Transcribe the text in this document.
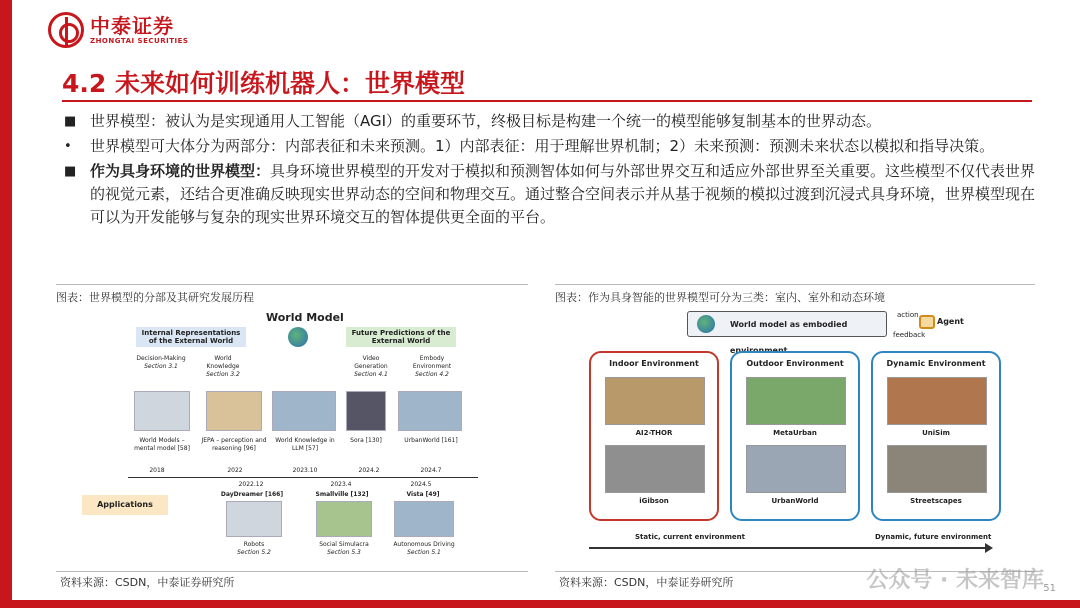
中泰证券
ZHONGTAI SECURITIES
4.2 未来如何训练机器人：世界模型
■ 世界模型：被认为是实现通用人工智能（AGI）的重要环节，终极目标是构建一个统一的模型能够复制基本的世界动态。
•	世界模型可大体分为两部分：内部表征和未来预测。1）内部表征：用于理解世界机制；2）未来预测：预测未来状态以模拟和指导决策。
■ 作为具身环境的世界模型：具身环境世界模型的开发对于模拟和预测智体如何与外部世界交互和适应外部世界至关重要。这些模型不仅代表世界的视觉元素，还结合更准确反映现实世界动态的空间和物理交互。通过整合空间表示并从基于视频的模拟过渡到沉浸式具身环境，世界模型现在可以为开发能够与复杂的现实世界环境交互的智体提供更全面的平台。
图表：世界模型的分部及其研究发展历程
World Model
Internal Representations of the External World
Future Predictions of the External World
Decision-Making
Section 3.1
World Knowledge
Section 3.2
Video Generation
Section 4.1
Embody Environment
Section 4.2
World Models – mental model [58]
JEPA – perception and reasoning [96]
World Knowledge in LLM [57]
Sora [130]	UrbanWorld [161]
2018	2022	2023.10	2024.2	2024.7
Applications
2022.12	2023.4	2024.5
DayDreamer [166]	Smallville [132]	Vista [49]
Robots
Section 5.2
Social Simulacra
Section 5.3
Autonomous Driving
Section 5.1
资料来源：CSDN，中泰证券研究所
图表：作为具身智能的世界模型可分为三类：室内、室外和动态环境
World model as embodied environment
action
feedback
Agent
Indoor Environment
AI2-THOR
iGibson
Outdoor Environment
MetaUrban
UrbanWorld
Dynamic Environment
UniSim
Streetscapes
Static, current environment	Dynamic, future environment
资料来源：CSDN，中泰证券研究所	公众号 · 未来智库 51
